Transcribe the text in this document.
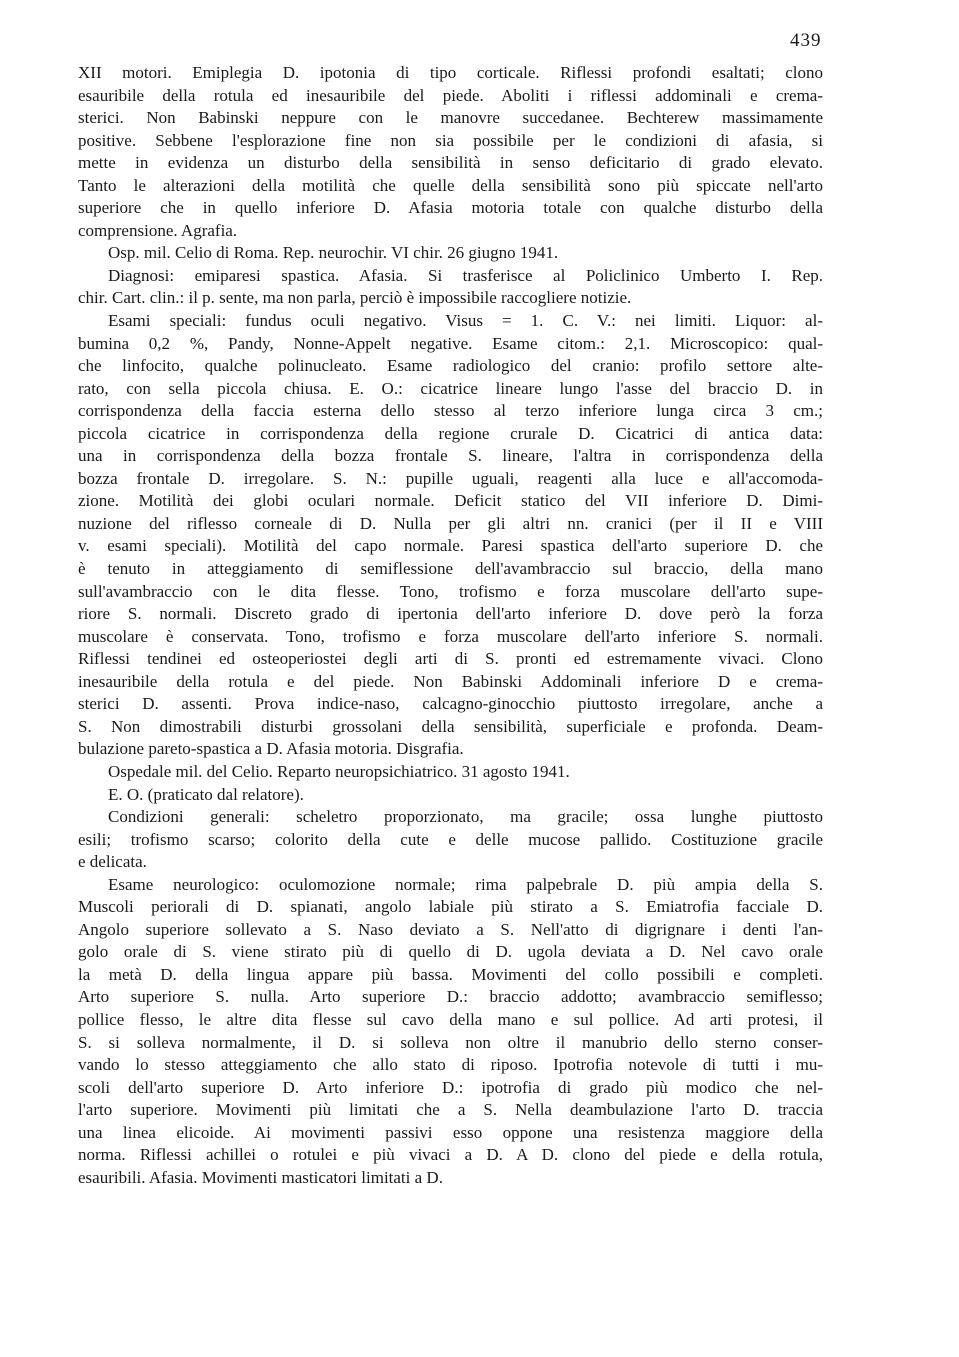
439
XII motori. Emiplegia D. ipotonia di tipo corticale. Riflessi profondi esaltati; clono
esauribile della rotula ed inesauribile del piede. Aboliti i riflessi addominali e crema-
sterici. Non Babinski neppure con le manovre succedanee. Bechterew massimamente
positive. Sebbene l'esplorazione fine non sia possibile per le condizioni di afasia, si
mette in evidenza un disturbo della sensibilità in senso deficitario di grado elevato.
Tanto le alterazioni della motilità che quelle della sensibilità sono più spiccate nell'arto
superiore che in quello inferiore D. Afasia motoria totale con qualche disturbo della
comprensione. Agrafia.
Osp. mil. Celio di Roma. Rep. neurochir. VI chir. 26 giugno 1941.
Diagnosi: emiparesi spastica. Afasia. Si trasferisce al Policlinico Umberto I. Rep.
chir. Cart. clin.: il p. sente, ma non parla, perciò è impossibile raccogliere notizie.
Esami speciali: fundus oculi negativo. Visus = 1. C. V.: nei limiti. Liquor: al-
bumina 0,2 %, Pandy, Nonne-Appelt negative. Esame citom.: 2,1. Microscopico: qual-
che linfocito, qualche polinucleato. Esame radiologico del cranio: profilo settore alte-
rato, con sella piccola chiusa. E. O.: cicatrice lineare lungo l'asse del braccio D. in
corrispondenza della faccia esterna dello stesso al terzo inferiore lunga circa 3 cm.;
piccola cicatrice in corrispondenza della regione crurale D. Cicatrici di antica data:
una in corrispondenza della bozza frontale S. lineare, l'altra in corrispondenza della
bozza frontale D. irregolare. S. N.: pupille uguali, reagenti alla luce e all'accomoda-
zione. Motilità dei globi oculari normale. Deficit statico del VII inferiore D. Dimi-
nuzione del riflesso corneale di D. Nulla per gli altri nn. cranici (per il II e VIII
v. esami speciali). Motilità del capo normale. Paresi spastica dell'arto superiore D. che
è tenuto in atteggiamento di semiflessione dell'avambraccio sul braccio, della mano
sull'avambraccio con le dita flesse. Tono, trofismo e forza muscolare dell'arto supe-
riore S. normali. Discreto grado di ipertonia dell'arto inferiore D. dove però la forza
muscolare è conservata. Tono, trofismo e forza muscolare dell'arto inferiore S. normali.
Riflessi tendinei ed osteoperiostei degli arti di S. pronti ed estremamente vivaci. Clono
inesauribile della rotula e del piede. Non Babinski Addominali inferiore D e crema-
sterici D. assenti. Prova indice-naso, calcagno-ginocchio piuttosto irregolare, anche a
S. Non dimostrabili disturbi grossolani della sensibilità, superficiale e profonda. Deam-
bulazione pareto-spastica a D. Afasia motoria. Disgrafia.
Ospedale mil. del Celio. Reparto neuropsichiatrico. 31 agosto 1941.
E. O. (praticato dal relatore).
Condizioni generali: scheletro proporzionato, ma gracile; ossa lunghe piuttosto
esili; trofismo scarso; colorito della cute e delle mucose pallido. Costituzione gracile
e delicata.
Esame neurologico: oculomozione normale; rima palpebrale D. più ampia della S.
Muscoli periorali di D. spianati, angolo labiale più stirato a S. Emiatrofia facciale D.
Angolo superiore sollevato a S. Naso deviato a S. Nell'atto di digrignare i denti l'an-
golo orale di S. viene stirato più di quello di D. ugola deviata a D. Nel cavo orale
la metà D. della lingua appare più bassa. Movimenti del collo possibili e completi.
Arto superiore S. nulla. Arto superiore D.: braccio addotto; avambraccio semiflesso;
pollice flesso, le altre dita flesse sul cavo della mano e sul pollice. Ad arti protesi, il
S. si solleva normalmente, il D. si solleva non oltre il manubrio dello sterno conser-
vando lo stesso atteggiamento che allo stato di riposo. Ipotrofia notevole di tutti i mu-
scoli dell'arto superiore D. Arto inferiore D.: ipotrofia di grado più modico che nel-
l'arto superiore. Movimenti più limitati che a S. Nella deambulazione l'arto D. traccia
una linea elicoide. Ai movimenti passivi esso oppone una resistenza maggiore della
norma. Riflessi achillei o rotulei e più vivaci a D. A D. clono del piede e della rotula,
esauribili. Afasia. Movimenti masticatori limitati a D.
